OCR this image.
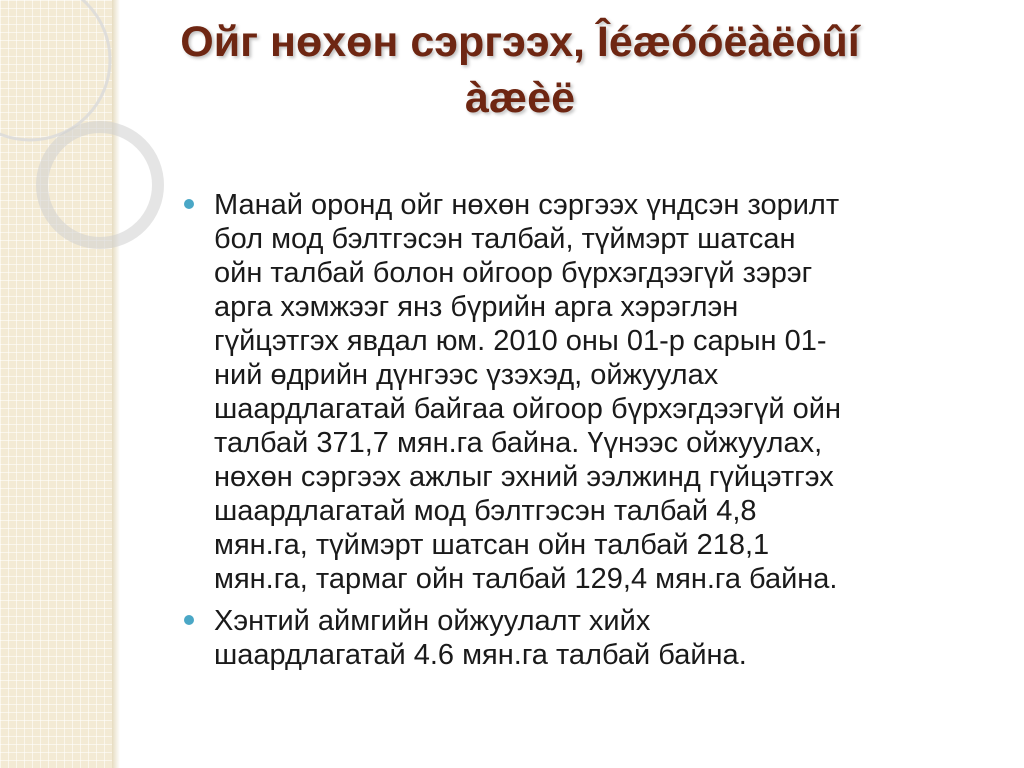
Ойг нөхөн сэргээх, Îéæóóëàëòûí
àæèë
Манай оронд ойг нөхөн сэргээх үндсэн зорилт
бол мод бэлтгэсэн талбай, түймэрт шатсан
ойн талбай болон ойгоор бүрхэгдээгүй зэрэг
арга хэмжээг янз бүрийн арга хэрэглэн
гүйцэтгэх явдал юм. 2010 оны 01-р сарын 01-
ний өдрийн дүнгээс үзэхэд, ойжуулах
шаардлагатай байгаа ойгоор бүрхэгдээгүй ойн
талбай 371,7 мян.га байна. Үүнээс ойжуулах,
нөхөн сэргээх ажлыг эхний ээлжинд гүйцэтгэх
шаардлагатай мод бэлтгэсэн талбай 4,8
мян.га, түймэрт шатсан ойн талбай 218,1
мян.га, тармаг ойн талбай 129,4 мян.га байна.
Хэнтий аймгийн ойжуулалт хийх
шаардлагатай 4.6 мян.га талбай байна.
